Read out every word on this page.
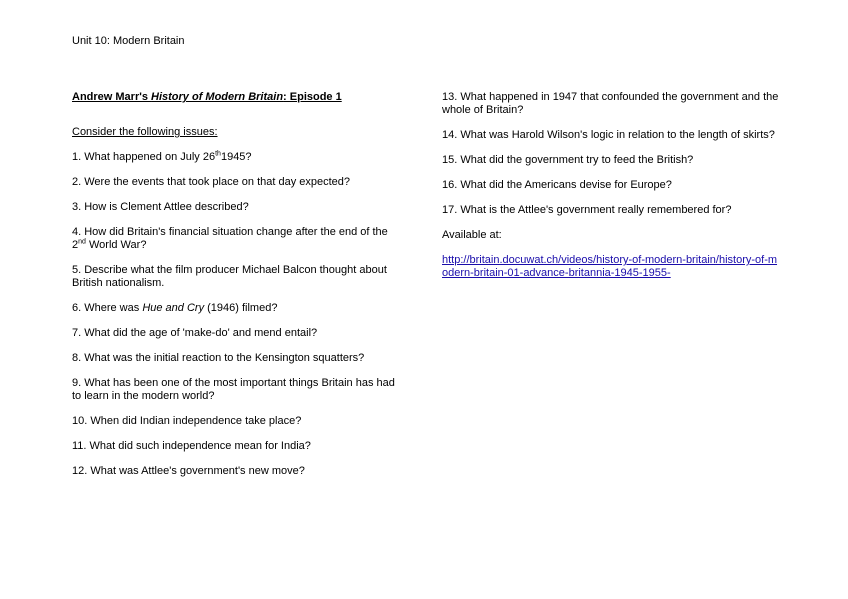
Unit 10: Modern Britain
Andrew Marr's History of Modern Britain: Episode 1
Consider the following issues:
1. What happened on July 26th1945?
2. Were the events that took place on that day expected?
3. How is Clement Attlee described?
4. How did Britain's financial situation change after the end of the 2nd World War?
5. Describe what the film producer Michael Balcon thought about British nationalism.
6. Where was Hue and Cry (1946) filmed?
7. What did the age of 'make-do' and mend entail?
8. What was the initial reaction to the Kensington squatters?
9. What has been one of the most important things Britain has had to learn in the modern world?
10. When did Indian independence take place?
11. What did such independence mean for India?
12. What was Attlee's government's new move?
13. What happened in 1947 that confounded the government and the whole of Britain?
14. What was Harold Wilson's logic in relation to the length of skirts?
15. What did the government try to feed the British?
16. What did the Americans devise for Europe?
17. What is the Attlee's government really remembered for?
Available at:
http://britain.docuwat.ch/videos/history-of-modern-britain/history-of-modern-britain-01-advance-britannia-1945-1955-
